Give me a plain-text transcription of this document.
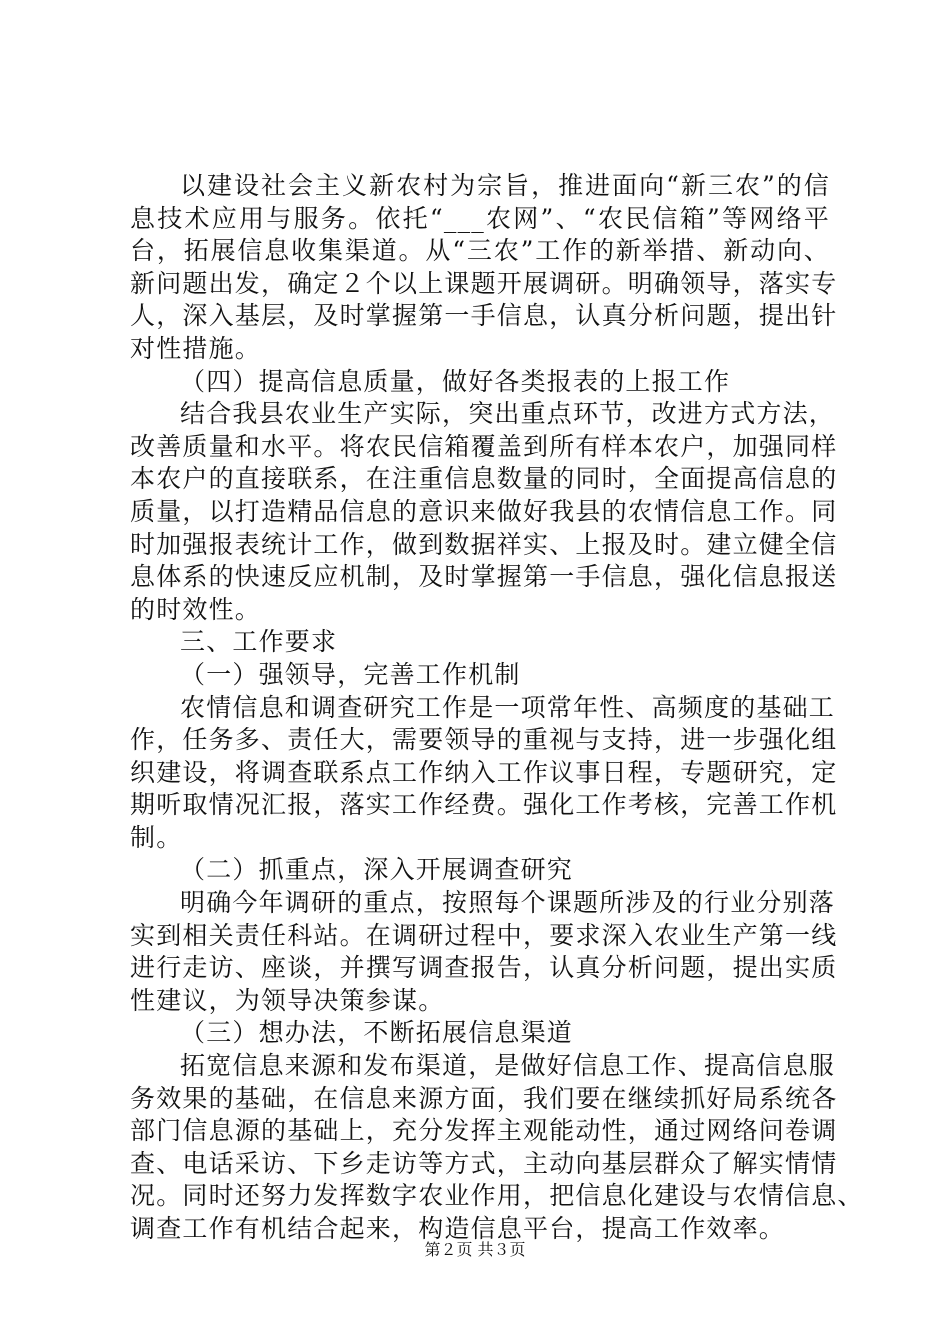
以建设社会主义新农村为宗旨，推进面向“新三农”的信
息技术应用与服务。依托“___农网”、“农民信箱”等网络平
台，拓展信息收集渠道。从“三农”工作的新举措、新动向、
新问题出发，确定２个以上课题开展调研。明确领导，落实专
人，深入基层，及时掌握第一手信息，认真分析问题，提出针
对性措施。
（四）提高信息质量，做好各类报表的上报工作
结合我县农业生产实际，突出重点环节，改进方式方法，
改善质量和水平。将农民信箱覆盖到所有样本农户，加强同样
本农户的直接联系，在注重信息数量的同时，全面提高信息的
质量，以打造精品信息的意识来做好我县的农情信息工作。同
时加强报表统计工作，做到数据祥实、上报及时。建立健全信
息体系的快速反应机制，及时掌握第一手信息，强化信息报送
的时效性。
三、工作要求
（一）强领导，完善工作机制
农情信息和调查研究工作是一项常年性、高频度的基础工
作，任务多、责任大，需要领导的重视与支持，进一步强化组
织建设，将调查联系点工作纳入工作议事日程，专题研究，定
期听取情况汇报，落实工作经费。强化工作考核，完善工作机
制。
（二）抓重点，深入开展调查研究
明确今年调研的重点，按照每个课题所涉及的行业分别落
实到相关责任科站。在调研过程中，要求深入农业生产第一线
进行走访、座谈，并撰写调查报告，认真分析问题，提出实质
性建议，为领导决策参谋。
（三）想办法，不断拓展信息渠道
拓宽信息来源和发布渠道，是做好信息工作、提高信息服
务效果的基础，在信息来源方面，我们要在继续抓好局系统各
部门信息源的基础上，充分发挥主观能动性，通过网络问卷调
查、电话采访、下乡走访等方式，主动向基层群众了解实情情
况。同时还努力发挥数字农业作用，把信息化建设与农情信息、
调查工作有机结合起来，构造信息平台，提高工作效率。
第２页 共３页
